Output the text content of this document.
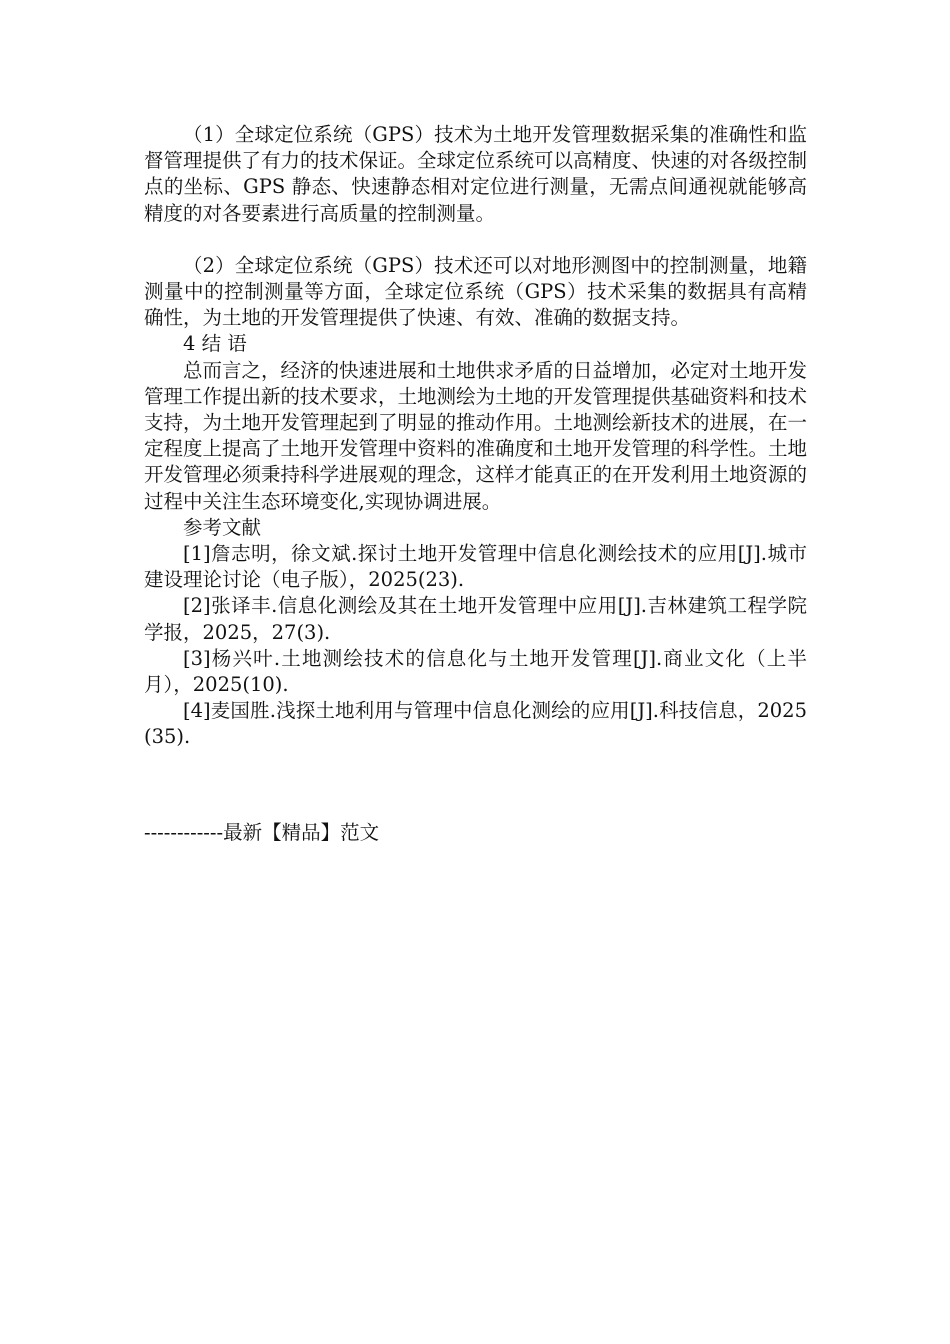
（1）全球定位系统（GPS）技术为土地开发管理数据采集的准确性和监督管理提供了有力的技术保证。全球定位系统可以高精度、快速的对各级控制点的坐标、GPS 静态、快速静态相对定位进行测量，无需点间通视就能够高精度的对各要素进行高质量的控制测量。

（2）全球定位系统（GPS）技术还可以对地形测图中的控制测量，地籍测量中的控制测量等方面，全球定位系统（GPS）技术采集的数据具有高精确性，为土地的开发管理提供了快速、有效、准确的数据支持。

4 结 语

总而言之，经济的快速进展和土地供求矛盾的日益增加，必定对土地开发管理工作提出新的技术要求，土地测绘为土地的开发管理提供基础资料和技术支持，为土地开发管理起到了明显的推动作用。土地测绘新技术的进展，在一定程度上提高了土地开发管理中资料的准确度和土地开发管理的科学性。土地开发管理必须秉持科学进展观的理念，这样才能真正的在开发利用土地资源的过程中关注生态环境变化,实现协调进展。

参考文献

[1]詹志明，徐文斌.探讨土地开发管理中信息化测绘技术的应用[J].城市建设理论讨论（电子版），2025(23).

[2]张译丰.信息化测绘及其在土地开发管理中应用[J].吉林建筑工程学院学报，2025，27(3).

[3]杨兴叶.土地测绘技术的信息化与土地开发管理[J].商业文化（上半月），2025(10).

[4]麦国胜.浅探土地利用与管理中信息化测绘的应用[J].科技信息，2025(35).

------------最新【精品】范文
